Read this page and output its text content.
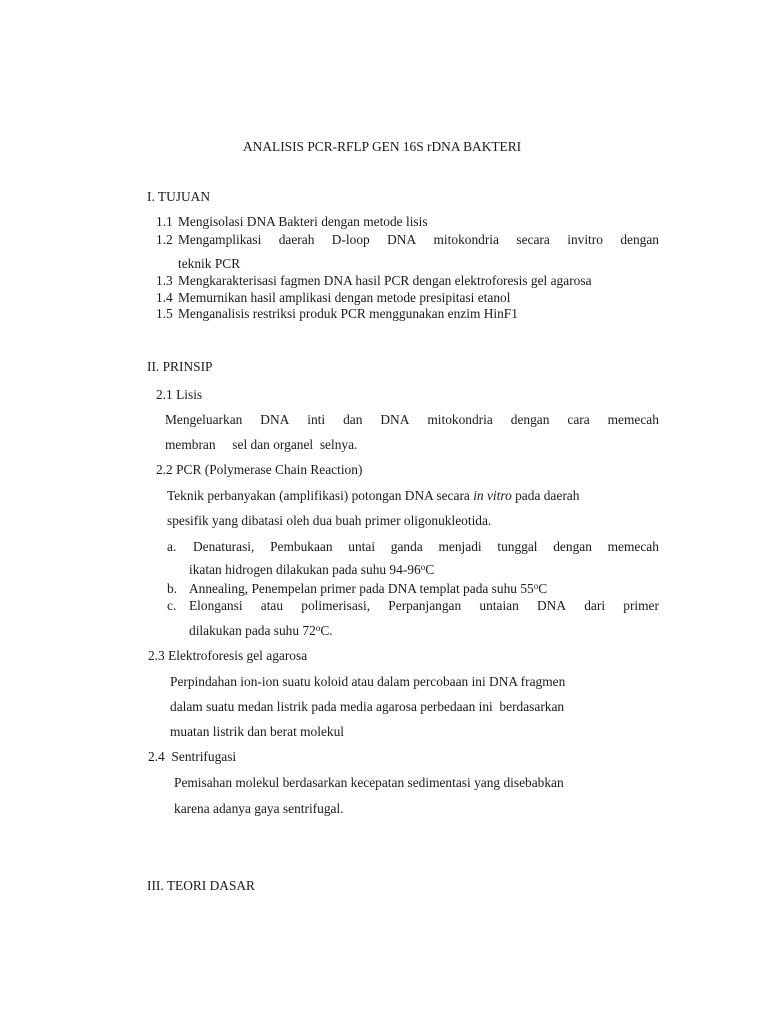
ANALISIS PCR-RFLP GEN 16S rDNA BAKTERI
I. TUJUAN
1.1 Mengisolasi DNA Bakteri dengan metode lisis
1.2 Mengamplikasi daerah D-loop DNA mitokondria secara invitro dengan
teknik PCR
1.3 Mengkarakterisasi fagmen DNA hasil PCR dengan elektroforesis gel agarosa
1.4 Memurnikan hasil amplikasi dengan metode presipitasi etanol
1.5 Menganalisis restriksi produk PCR menggunakan enzim HinF1
II. PRINSIP
2.1 Lisis
Mengeluarkan DNA inti dan DNA mitokondria dengan cara memecah
membran     sel dan organel  selnya.
2.2 PCR (Polymerase Chain Reaction)
Teknik perbanyakan (amplifikasi) potongan DNA secara in vitro pada daerah
spesifik yang dibatasi oleh dua buah primer oligonukleotida.
a. Denaturasi, Pembukaan untai ganda menjadi tunggal dengan memecah
ikatan hidrogen dilakukan pada suhu 94-96$^o$C
b. Annealing, Penempelan primer pada DNA templat pada suhu 55$^o$C
c. Elongansi atau polimerisasi, Perpanjangan untaian DNA dari primer
dilakukan pada suhu 72$^o$C.
2.3 Elektroforesis gel agarosa
Perpindahan ion-ion suatu koloid atau dalam percobaan ini DNA fragmen
dalam suatu medan listrik pada media agarosa perbedaan ini  berdasarkan
muatan listrik dan berat molekul
2.4  Sentrifugasi
Pemisahan molekul berdasarkan kecepatan sedimentasi yang disebabkan
karena adanya gaya sentrifugal.
III. TEORI DASAR
